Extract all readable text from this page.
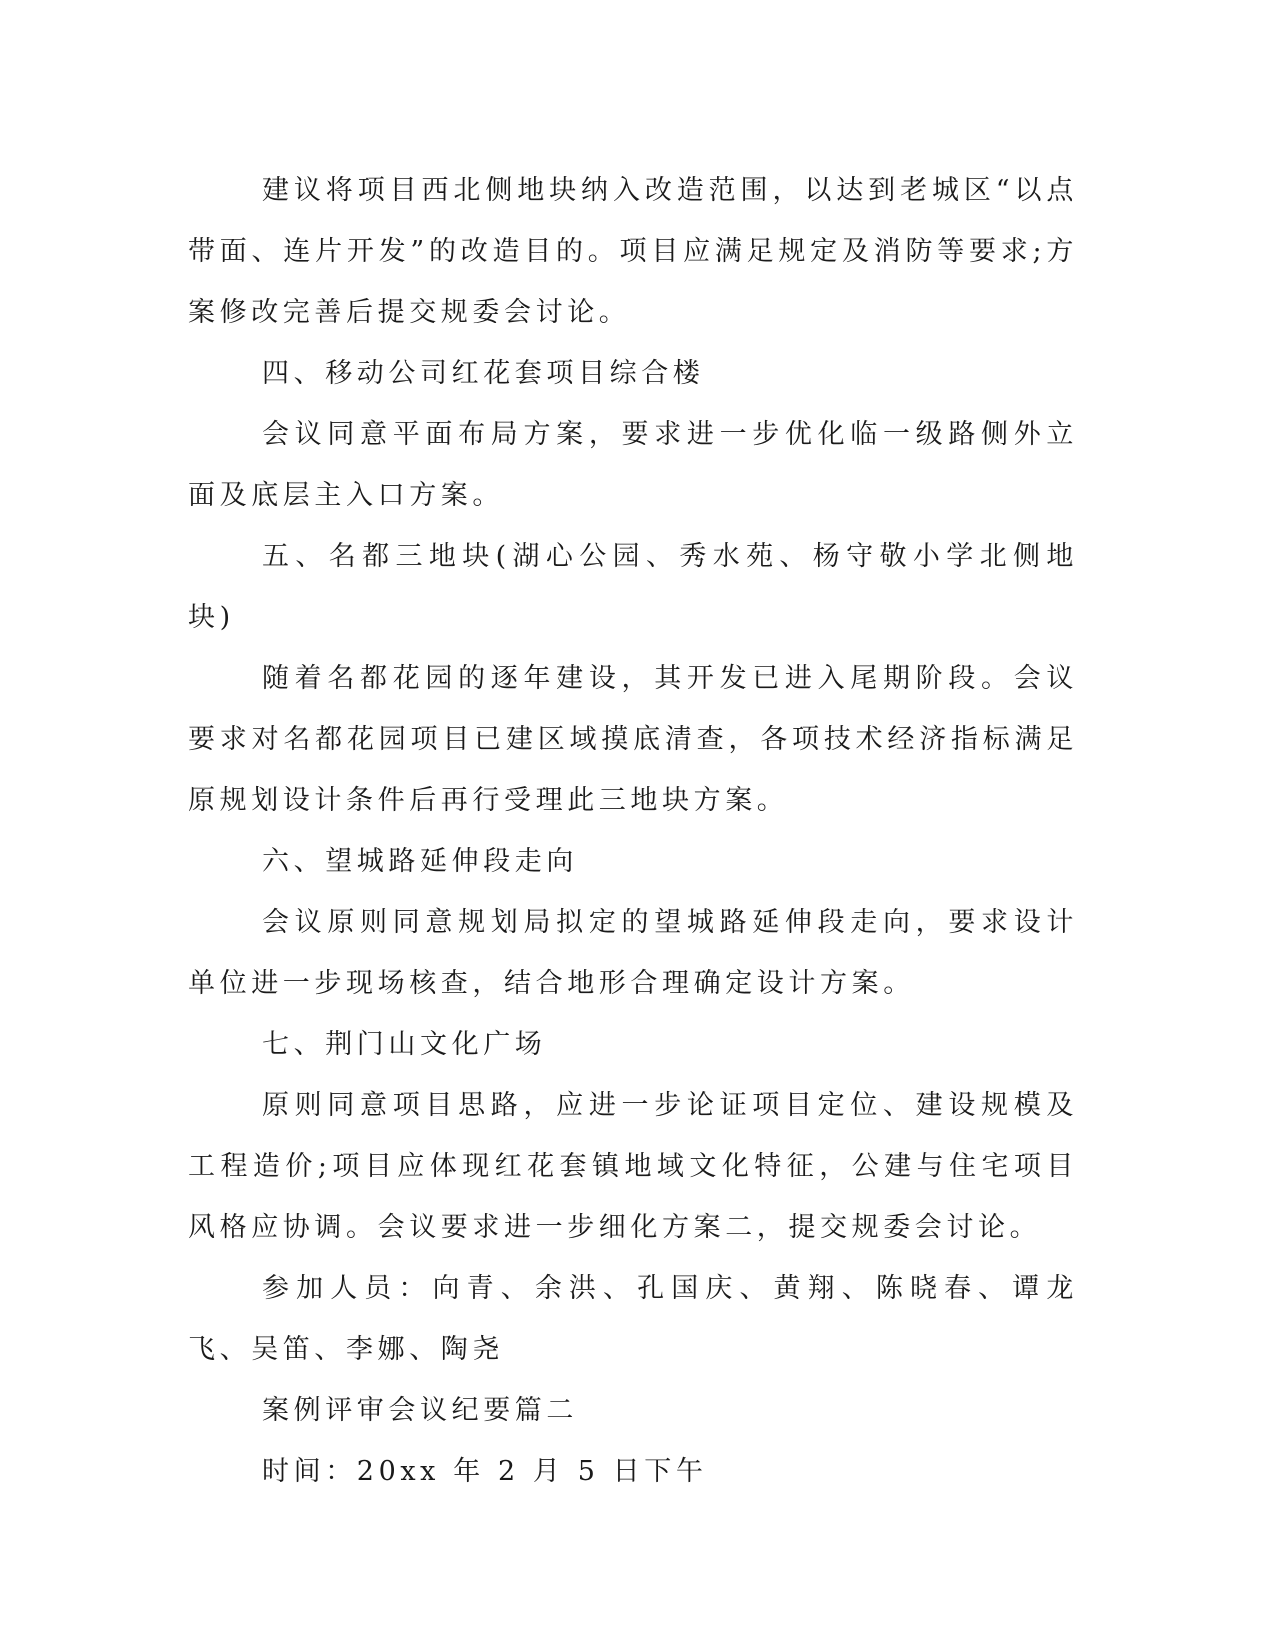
建议将项目西北侧地块纳入改造范围，以达到老城区“以点带面、连片开发”的改造目的。项目应满足规定及消防等要求;方案修改完善后提交规委会讨论。

四、移动公司红花套项目综合楼

会议同意平面布局方案，要求进一步优化临一级路侧外立面及底层主入口方案。

五、名都三地块(湖心公园、秀水苑、杨守敬小学北侧地块)

随着名都花园的逐年建设，其开发已进入尾期阶段。会议要求对名都花园项目已建区域摸底清查，各项技术经济指标满足原规划设计条件后再行受理此三地块方案。

六、望城路延伸段走向

会议原则同意规划局拟定的望城路延伸段走向，要求设计单位进一步现场核查，结合地形合理确定设计方案。

七、荆门山文化广场

原则同意项目思路，应进一步论证项目定位、建设规模及工程造价;项目应体现红花套镇地域文化特征，公建与住宅项目风格应协调。会议要求进一步细化方案二，提交规委会讨论。

参加人员：向青、余洪、孔国庆、黄翔、陈晓春、谭龙飞、吴笛、李娜、陶尧

案例评审会议纪要篇二

时间：20xx 年 2 月 5 日下午
